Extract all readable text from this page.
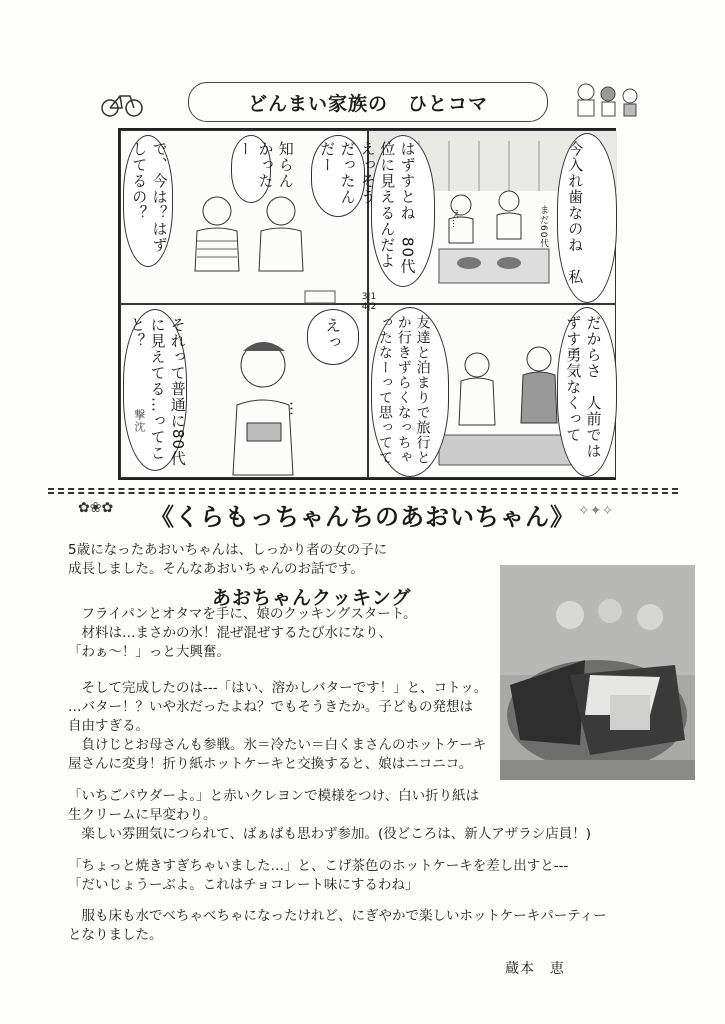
どんまい家族の　ひとコマ
今入れ歯なのね　私
はずすとね　80代位に見えるんだよ	え…	まだ60代
で、今は？はずしてるの？	知らんかったー	えっそうだったんだー
だからさ　人前ではずす勇気なくって
友達と泊まりで旅行とか行きずらくなっちゃったなーって思ってて
えっ
それって普通に80代に見えてる…ってこと？
…
撃沈
3|1
4|2
✿❀✿	《くらもっちゃんちのあおいちゃん》 ✧✦✧
5歳になったあおいちゃんは、しっかり者の女の子に
成長しました。そんなあおいちゃんのお話です。
あおちゃんクッキング
　フライパンとオタマを手に、娘のクッキングスタート。
　材料は…まさかの氷！混ぜ混ぜするたび水になり、
「わぁ～！」っと大興奮。
　そして完成したのは---「はい、溶かしバターです！」と、コトッ。
…バター！？いや氷だったよね？でもそうきたか。子どもの発想は
自由すぎる。
　負けじとお母さんも参戦。氷＝冷たい＝白くまさんのホットケーキ
屋さんに変身！折り紙ホットケーキと交換すると、娘はニコニコ。
「いちごパウダーよ。」と赤いクレヨンで模様をつけ、白い折り紙は
生クリームに早変わり。
　楽しい雰囲気につられて、ばぁばも思わず参加。(役どころは、新人アザラシ店員！)
「ちょっと焼きすぎちゃいました…」と、こげ茶色のホットケーキを差し出すと---
「だいじょうーぶよ。これはチョコレート味にするわね」
　服も床も水でべちゃべちゃになったけれど、にぎやかで楽しいホットケーキパーティー
となりました。
蔵本　恵
